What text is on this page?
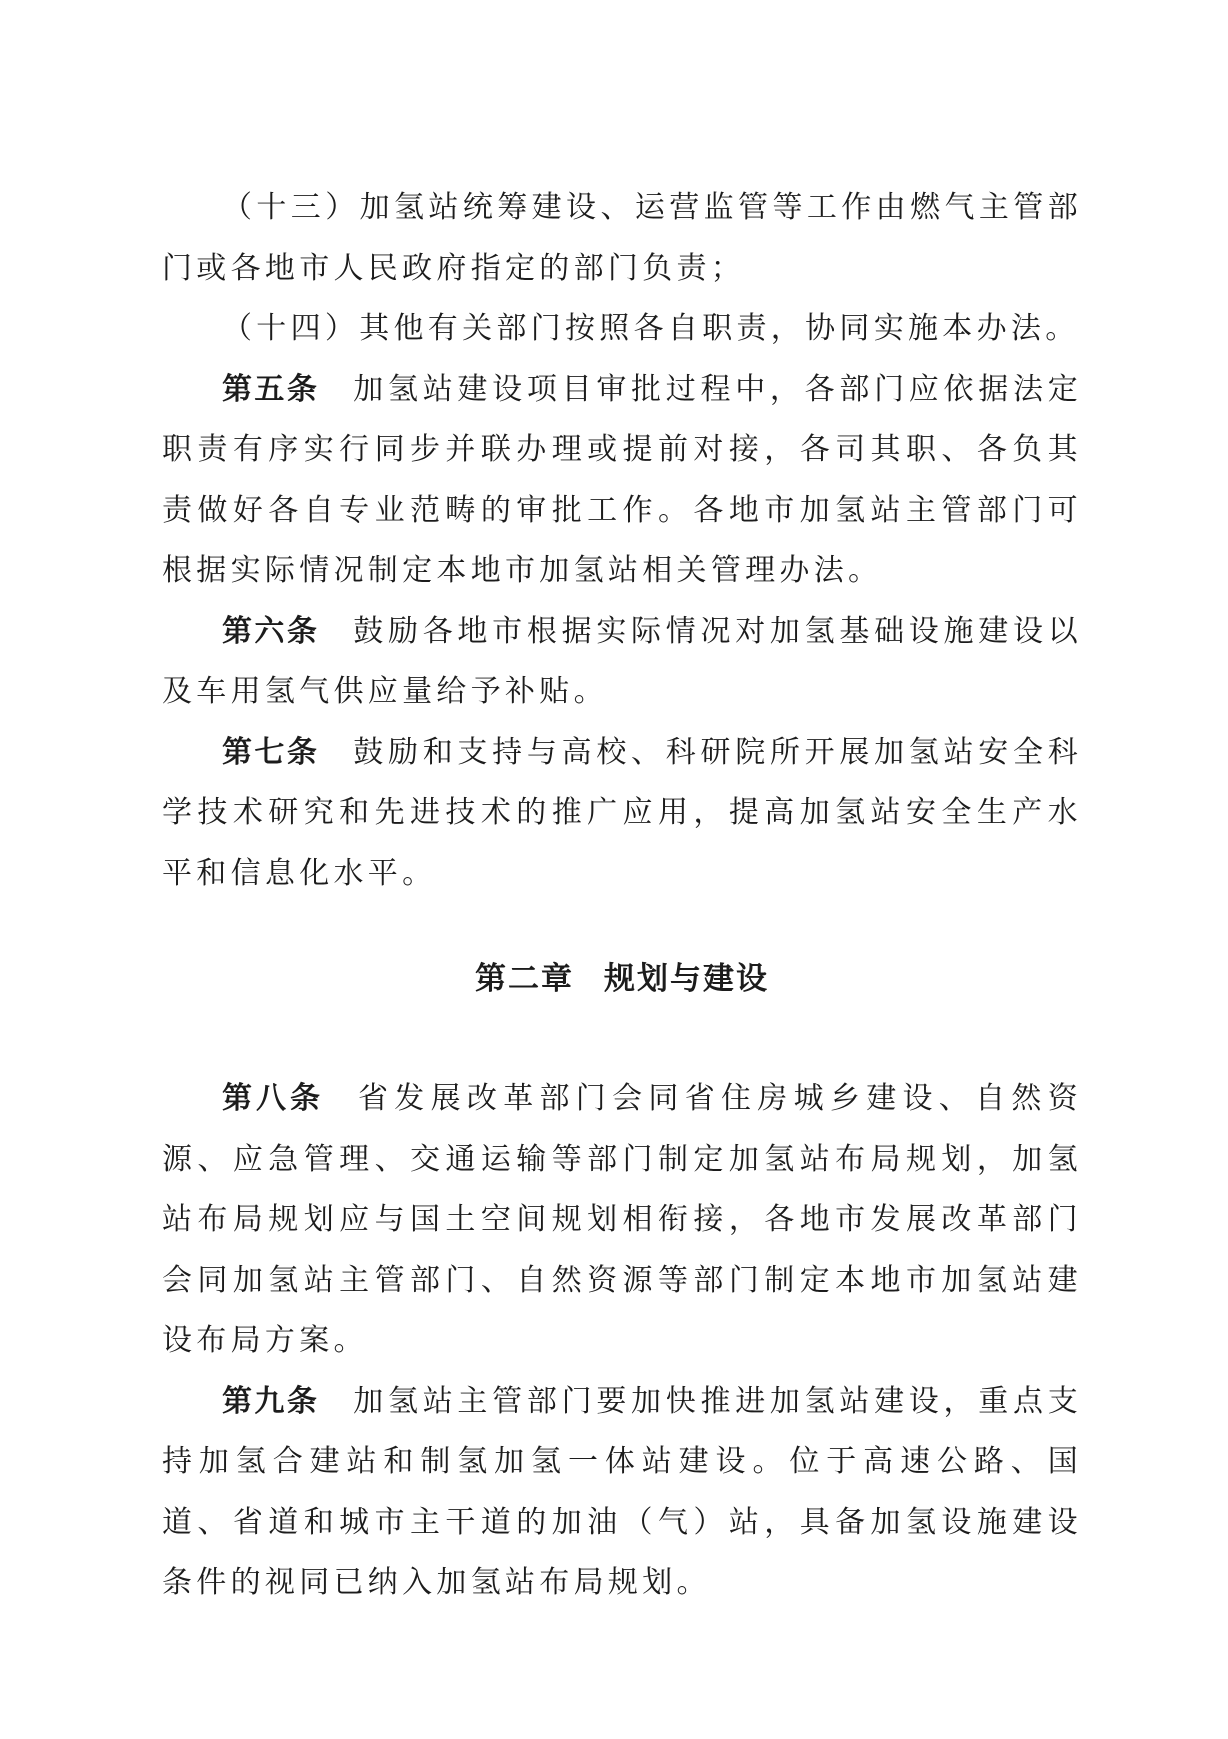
（十三）加氢站统筹建设、运营监管等工作由燃气主管部门或各地市人民政府指定的部门负责；

（十四）其他有关部门按照各自职责，协同实施本办法。

第五条 加氢站建设项目审批过程中，各部门应依据法定职责有序实行同步并联办理或提前对接，各司其职、各负其责做好各自专业范畴的审批工作。各地市加氢站主管部门可根据实际情况制定本地市加氢站相关管理办法。

第六条 鼓励各地市根据实际情况对加氢基础设施建设以及车用氢气供应量给予补贴。

第七条 鼓励和支持与高校、科研院所开展加氢站安全科学技术研究和先进技术的推广应用，提高加氢站安全生产水平和信息化水平。

第二章 规划与建设

第八条 省发展改革部门会同省住房城乡建设、自然资源、应急管理、交通运输等部门制定加氢站布局规划，加氢站布局规划应与国土空间规划相衔接，各地市发展改革部门会同加氢站主管部门、自然资源等部门制定本地市加氢站建设布局方案。

第九条 加氢站主管部门要加快推进加氢站建设，重点支持加氢合建站和制氢加氢一体站建设。位于高速公路、国道、省道和城市主干道的加油（气）站，具备加氢设施建设条件的视同已纳入加氢站布局规划。
